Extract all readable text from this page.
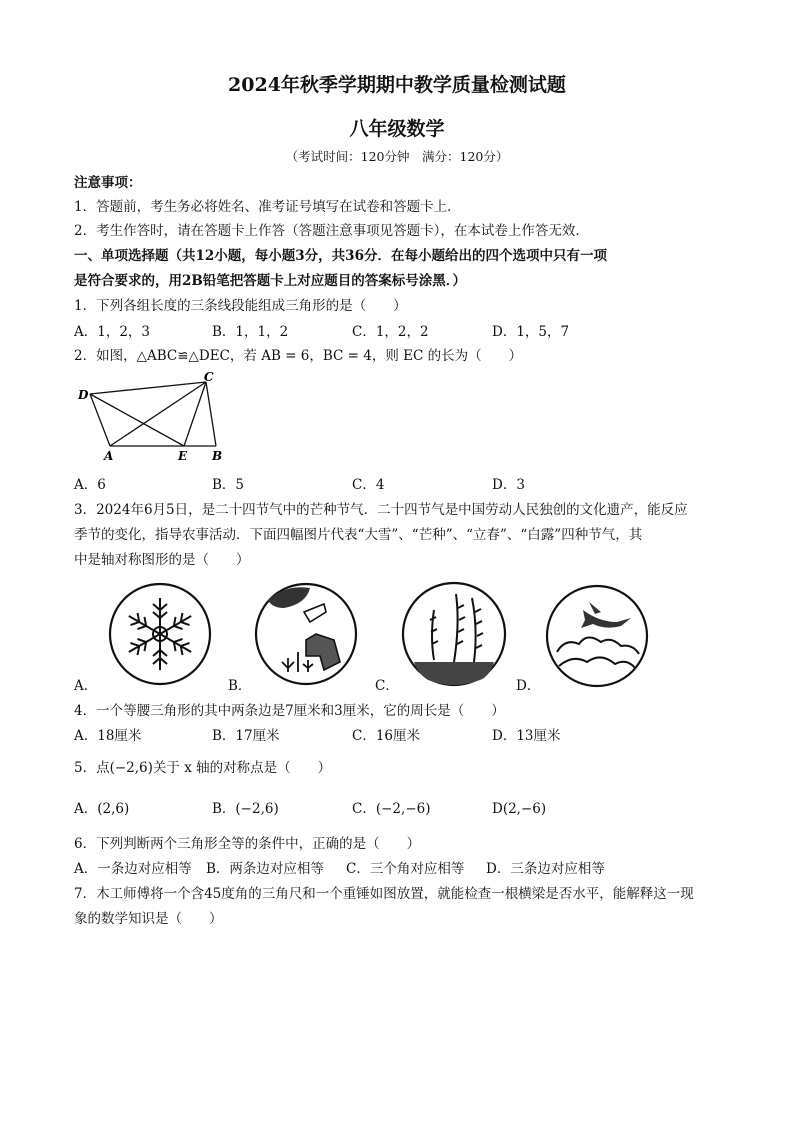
2024年秋季学期期中教学质量检测试题
八年级数学
（考试时间：120分钟　满分：120分）
注意事项：
1．答题前，考生务必将姓名、准考证号填写在试卷和答题卡上．
2．考生作答时，请在答题卡上作答（答题注意事项见答题卡），在本试卷上作答无效．
一、单项选择题（共12小题，每小题3分，共36分．在每小题给出的四个选项中只有一项
是符合要求的，用2B铅笔把答题卡上对应题目的答案标号涂黑．）
1．下列各组长度的三条线段能组成三角形的是（　　）
A．1，2，3	B．1，1，2	C．1，2，2	D．1，5，7
2．如图，△ABC≌△DEC，若 AB = 6，BC = 4，则 EC 的长为（　　）
D
C
A	E B
A．6	B．5	C．4	D．3
3．2024年6月5日，是二十四节气中的芒种节气．二十四节气是中国劳动人民独创的文化遗产，能反应
季节的变化，指导农事活动．下面四幅图片代表“大雪”、“芒种”、“立春”、“白露”四种节气，其
中是轴对称图形的是（　　）
A．	B．	C．	D．
4．一个等腰三角形的其中两条边是7厘米和3厘米，它的周长是（　　）
A．18厘米	B．17厘米	C．16厘米	D．13厘米
5．点(−2,6)关于 x 轴的对称点是（　　）
A．(2,6)	B．(−2,6)	C．(−2,−6)	D(2,−6)
6．下列判断两个三角形全等的条件中，正确的是（　　）
A．一条边对应相等 B．两条边对应相等 C．三个角对应相等 D．三条边对应相等
7．木工师傅将一个含45度角的三角尺和一个重锤如图放置，就能检查一根横梁是否水平，能解释这一现
象的数学知识是（　　）
